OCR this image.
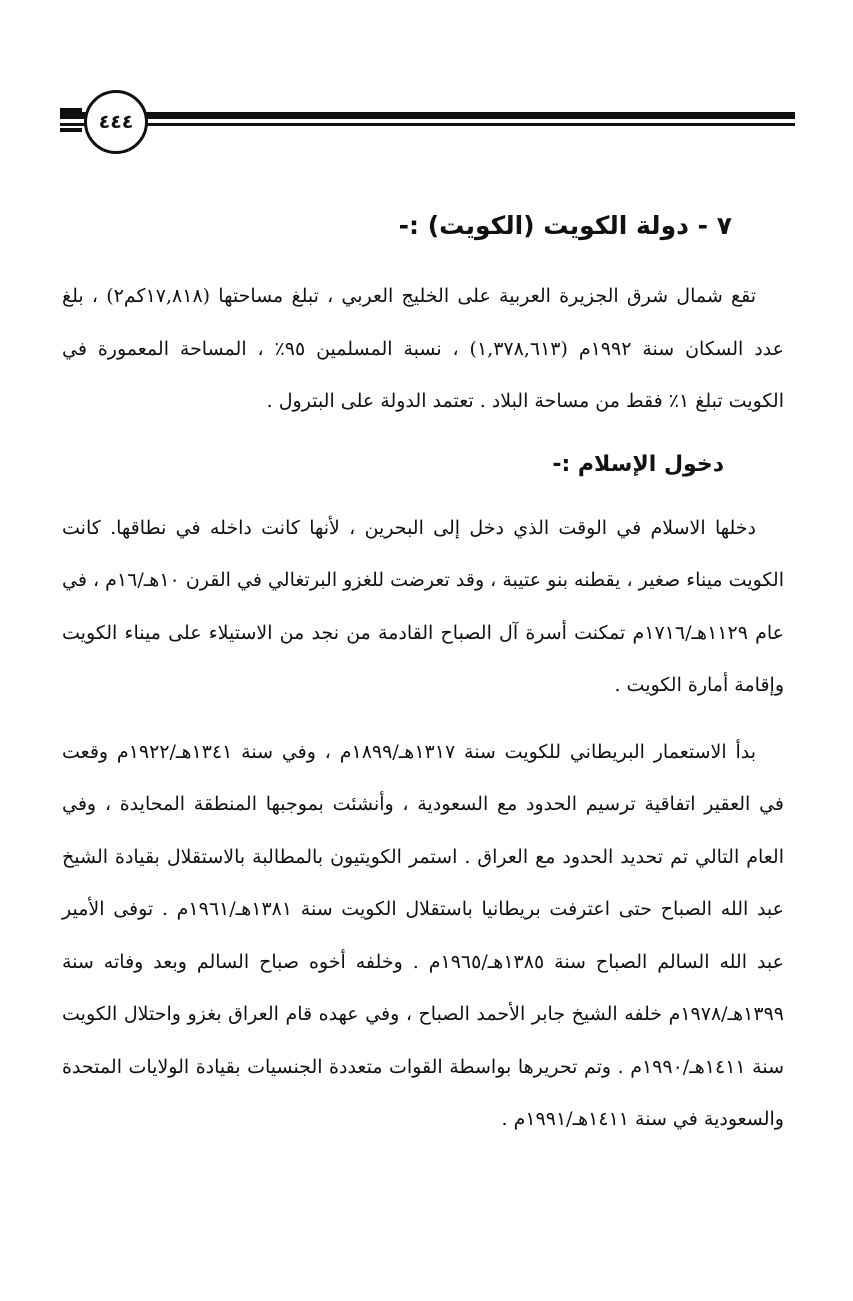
٤٤٤
٧ - دولة الكويت (الكويت) :-

تقع شمال شرق الجزيرة العربية على الخليج العربي ، تبلغ مساحتها (١٧,٨١٨كم٢) ، بلغ عدد السكان سنة ١٩٩٢م (١,٣٧٨,٦١٣) ، نسبة المسلمين ٩٥٪ ، المساحة المعمورة في الكويت تبلغ ١٪ فقط من مساحة البلاد . تعتمد الدولة على البترول .

دخول الإسلام :-

دخلها الاسلام في الوقت الذي دخل إلى البحرين ، لأنها كانت داخله في نطاقها. كانت الكويت ميناء صغير ، يقطنه بنو عتيبة ، وقد تعرضت للغزو البرتغالي في القرن ١٠هـ/١٦م ، في عام ١١٢٩هـ/١٧١٦م تمكنت أسرة آل الصباح القادمة من نجد من الاستيلاء على ميناء الكويت وإقامة أمارة الكويت .

بدأ الاستعمار البريطاني للكويت سنة ١٣١٧هـ/١٨٩٩م ، وفي سنة ١٣٤١هـ/١٩٢٢م وقعت في العقير اتفاقية ترسيم الحدود مع السعودية ، وأنشئت بموجبها المنطقة المحايدة ، وفي العام التالي تم تحديد الحدود مع العراق . استمر الكويتيون بالمطالبة بالاستقلال بقيادة الشيخ عبد الله الصباح حتى اعترفت بريطانيا باستقلال الكويت سنة ١٣٨١هـ/١٩٦١م . توفى الأمير عبد الله السالم الصباح سنة ١٣٨٥هـ/١٩٦٥م . وخلفه أخوه صباح السالم وبعد وفاته سنة ١٣٩٩هـ/١٩٧٨م خلفه الشيخ جابر الأحمد الصباح ، وفي عهده قام العراق بغزو واحتلال الكويت سنة ١٤١١هـ/١٩٩٠م . وتم تحريرها بواسطة القوات متعددة الجنسيات بقيادة الولايات المتحدة والسعودية في سنة ١٤١١هـ/١٩٩١م .
